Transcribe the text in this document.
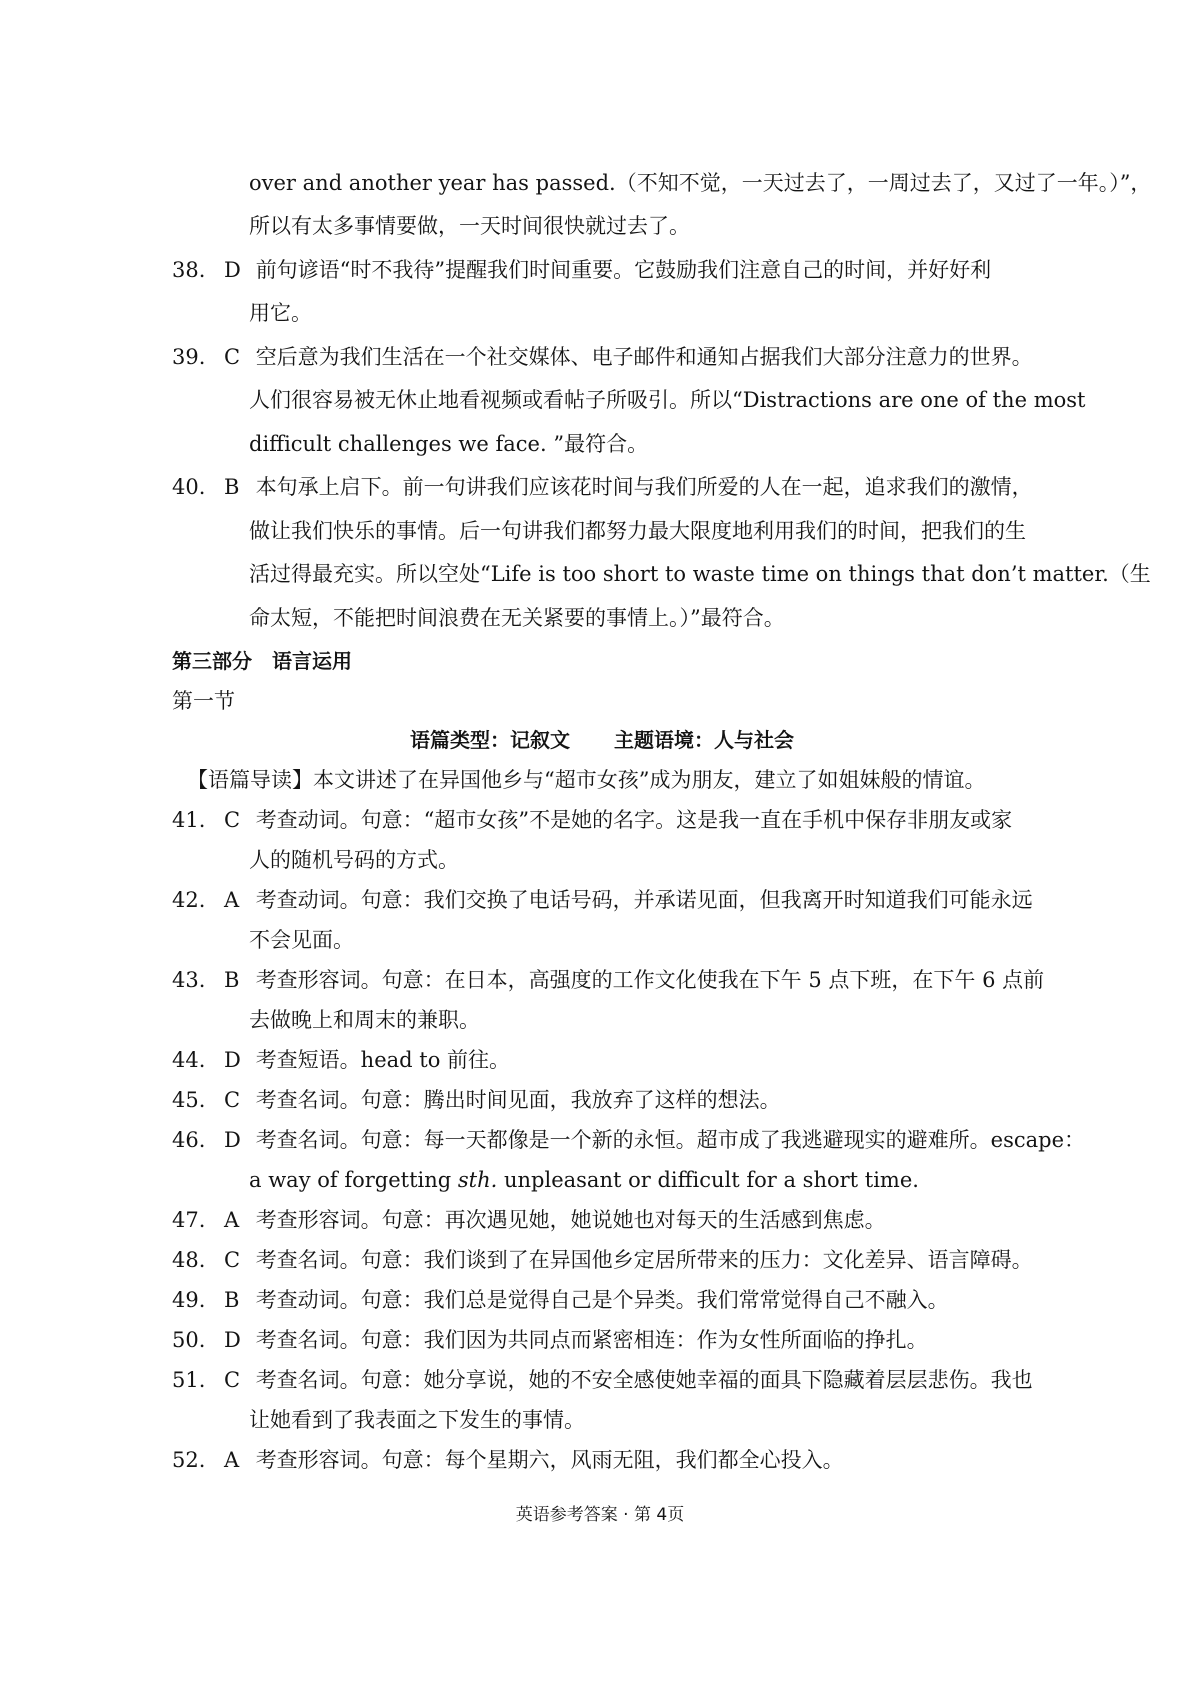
over and another year has passed.（不知不觉，一天过去了，一周过去了，又过了一年。）”，
所以有太多事情要做，一天时间很快就过去了。
38. D 前句谚语“时不我待”提醒我们时间重要。它鼓励我们注意自己的时间，并好好利
用它。
39. C 空后意为我们生活在一个社交媒体、电子邮件和通知占据我们大部分注意力的世界。
人们很容易被无休止地看视频或看帖子所吸引。所以“Distractions are one of the most
difficult challenges we face. ”最符合。
40. B 本句承上启下。前一句讲我们应该花时间与我们所爱的人在一起，追求我们的激情，
做让我们快乐的事情。后一句讲我们都努力最大限度地利用我们的时间，把我们的生
活过得最充实。所以空处“Life is too short to waste time on things that don’t matter.（生
命太短，不能把时间浪费在无关紧要的事情上。）”最符合。
第三部分 语言运用
第一节
语篇类型：记叙文 主题语境：人与社会
【语篇导读】本文讲述了在异国他乡与“超市女孩”成为朋友，建立了如姐妹般的情谊。
41. C 考查动词。句意：“超市女孩”不是她的名字。这是我一直在手机中保存非朋友或家
人的随机号码的方式。
42. A 考查动词。句意：我们交换了电话号码，并承诺见面，但我离开时知道我们可能永远
不会见面。
43. B 考查形容词。句意：在日本，高强度的工作文化使我在下午 5 点下班，在下午 6 点前
去做晚上和周末的兼职。
44. D 考查短语。head to 前往。
45. C 考查名词。句意：腾出时间见面，我放弃了这样的想法。
46. D 考查名词。句意：每一天都像是一个新的永恒。超市成了我逃避现实的避难所。escape：
a way of forgetting sth. unpleasant or difficult for a short time.
47. A 考查形容词。句意：再次遇见她，她说她也对每天的生活感到焦虑。
48. C 考查名词。句意：我们谈到了在异国他乡定居所带来的压力：文化差异、语言障碍。
49. B 考查动词。句意：我们总是觉得自己是个异类。我们常常觉得自己不融入。
50. D 考查名词。句意：我们因为共同点而紧密相连：作为女性所面临的挣扎。
51. C 考查名词。句意：她分享说，她的不安全感使她幸福的面具下隐藏着层层悲伤。我也
让她看到了我表面之下发生的事情。
52. A 考查形容词。句意：每个星期六，风雨无阻，我们都全心投入。
英语参考答案 · 第 4页
